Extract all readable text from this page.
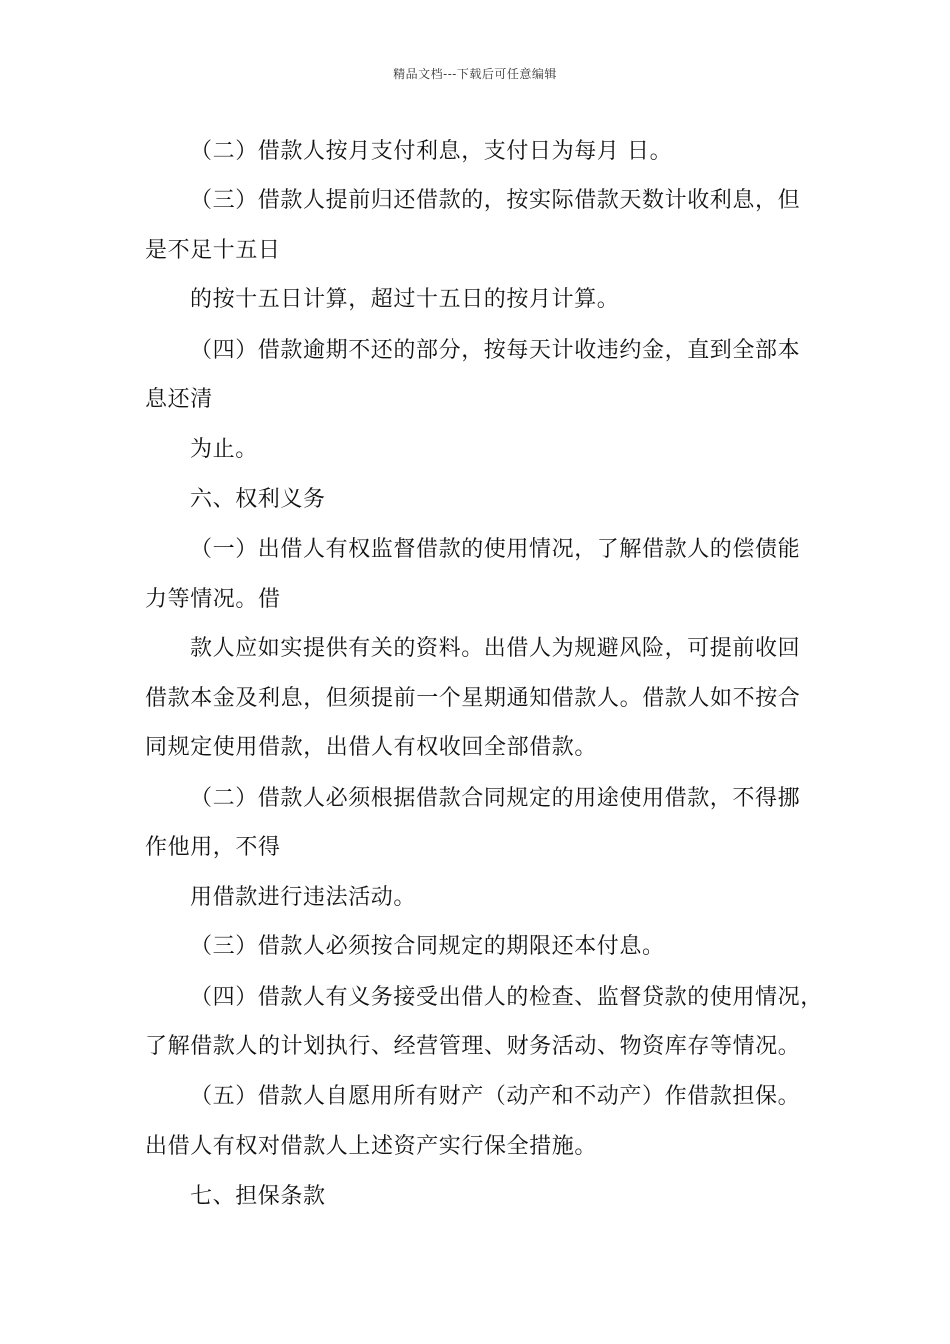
精品文档---下载后可任意编辑
（二）借款人按月支付利息，支付日为每月 日。
（三）借款人提前归还借款的，按实际借款天数计收利息，但
是不足十五日
的按十五日计算，超过十五日的按月计算。
（四）借款逾期不还的部分，按每天计收违约金，直到全部本
息还清
为止。
六、权利义务
（一）出借人有权监督借款的使用情况，了解借款人的偿债能
力等情况。借
款人应如实提供有关的资料。出借人为规避风险，可提前收回
借款本金及利息，但须提前一个星期通知借款人。借款人如不按合
同规定使用借款，出借人有权收回全部借款。
（二）借款人必须根据借款合同规定的用途使用借款，不得挪
作他用，不得
用借款进行违法活动。
（三）借款人必须按合同规定的期限还本付息。
（四）借款人有义务接受出借人的检查、监督贷款的使用情况，
了解借款人的计划执行、经营管理、财务活动、物资库存等情况。
（五）借款人自愿用所有财产（动产和不动产）作借款担保。
出借人有权对借款人上述资产实行保全措施。
七、担保条款
